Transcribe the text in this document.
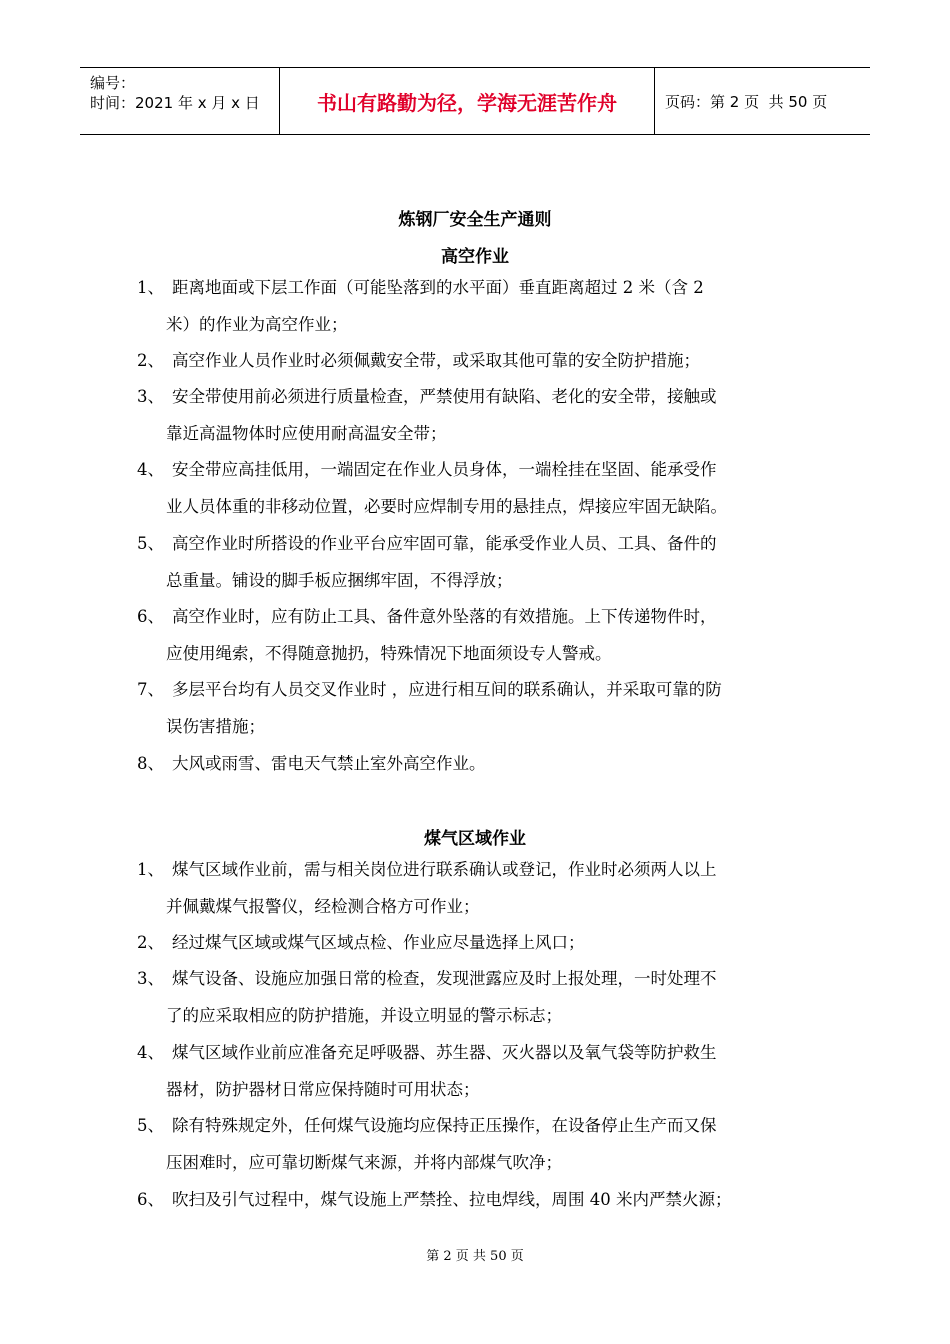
编号：
时间：2021 年 x 月 x 日	书山有路勤为径，学海无涯苦作舟	页码：第 2 页  共 50 页
炼钢厂安全生产通则
高空作业
1、 距离地面或下层工作面（可能坠落到的水平面）垂直距离超过 2 米（含 2
米）的作业为高空作业；
2、 高空作业人员作业时必须佩戴安全带，或采取其他可靠的安全防护措施；
3、 安全带使用前必须进行质量检查，严禁使用有缺陷、老化的安全带，接触或
靠近高温物体时应使用耐高温安全带；
4、 安全带应高挂低用，一端固定在作业人员身体，一端栓挂在坚固、能承受作
业人员体重的非移动位置，必要时应焊制专用的悬挂点，焊接应牢固无缺陷。
5、 高空作业时所搭设的作业平台应牢固可靠，能承受作业人员、工具、备件的
总重量。铺设的脚手板应捆绑牢固，不得浮放；
6、 高空作业时，应有防止工具、备件意外坠落的有效措施。上下传递物件时，
应使用绳索，不得随意抛扔，特殊情况下地面须设专人警戒。
7、 多层平台均有人员交叉作业时 ，应进行相互间的联系确认，并采取可靠的防
误伤害措施；
8、 大风或雨雪、雷电天气禁止室外高空作业。
煤气区域作业
1、 煤气区域作业前，需与相关岗位进行联系确认或登记，作业时必须两人以上
并佩戴煤气报警仪，经检测合格方可作业；
2、 经过煤气区域或煤气区域点检、作业应尽量选择上风口；
3、 煤气设备、设施应加强日常的检查，发现泄露应及时上报处理，一时处理不
了的应采取相应的防护措施，并设立明显的警示标志；
4、 煤气区域作业前应准备充足呼吸器、苏生器、灭火器以及氧气袋等防护救生
器材，防护器材日常应保持随时可用状态；
5、 除有特殊规定外，任何煤气设施均应保持正压操作，在设备停止生产而又保
压困难时，应可靠切断煤气来源，并将内部煤气吹净；
6、 吹扫及引气过程中，煤气设施上严禁拴、拉电焊线，周围 40 米内严禁火源；
第 2 页 共 50 页
